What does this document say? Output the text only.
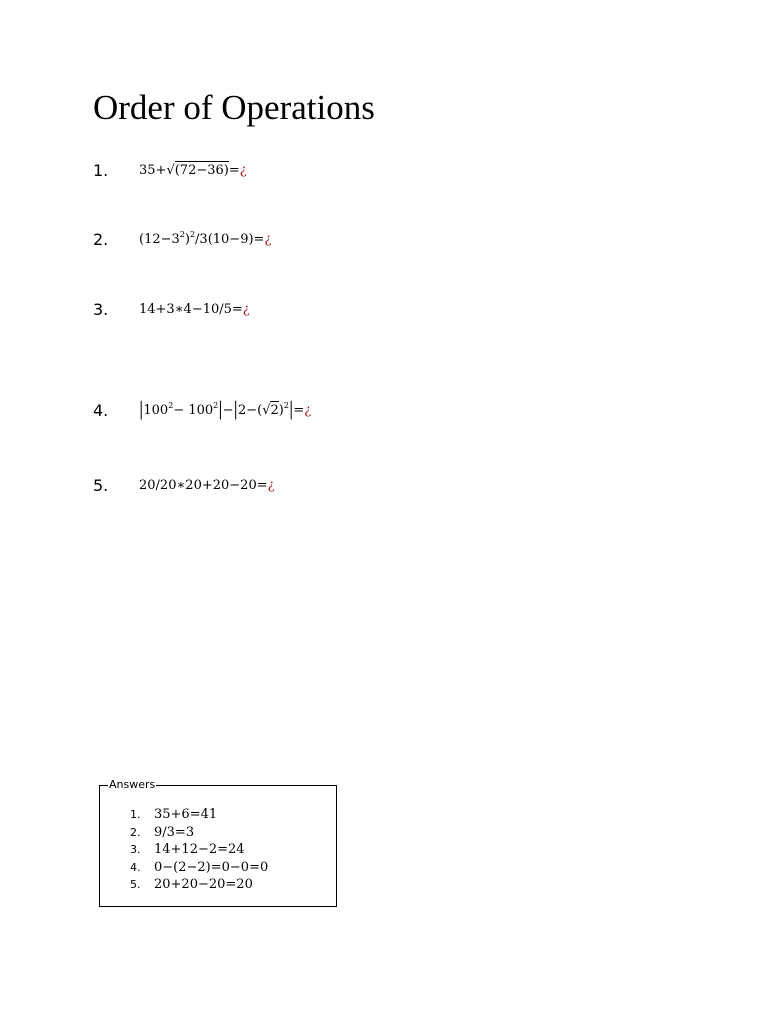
Order of Operations
1. 35+√(72−36)=¿
2. $(12-3^2)^2/3(10-9)=¿$
3. 14+3∗4−10/5=¿
4. $|100^2-$ $100^2|-|2-(√2)^2|=¿$
5. 20/20∗20+20−20=¿
Answers
1. 35+6=41
2. 9/3=3
3. 14+12−2=24
4. 0−(2−2)=0−0=0
5. 20+20−20=20
